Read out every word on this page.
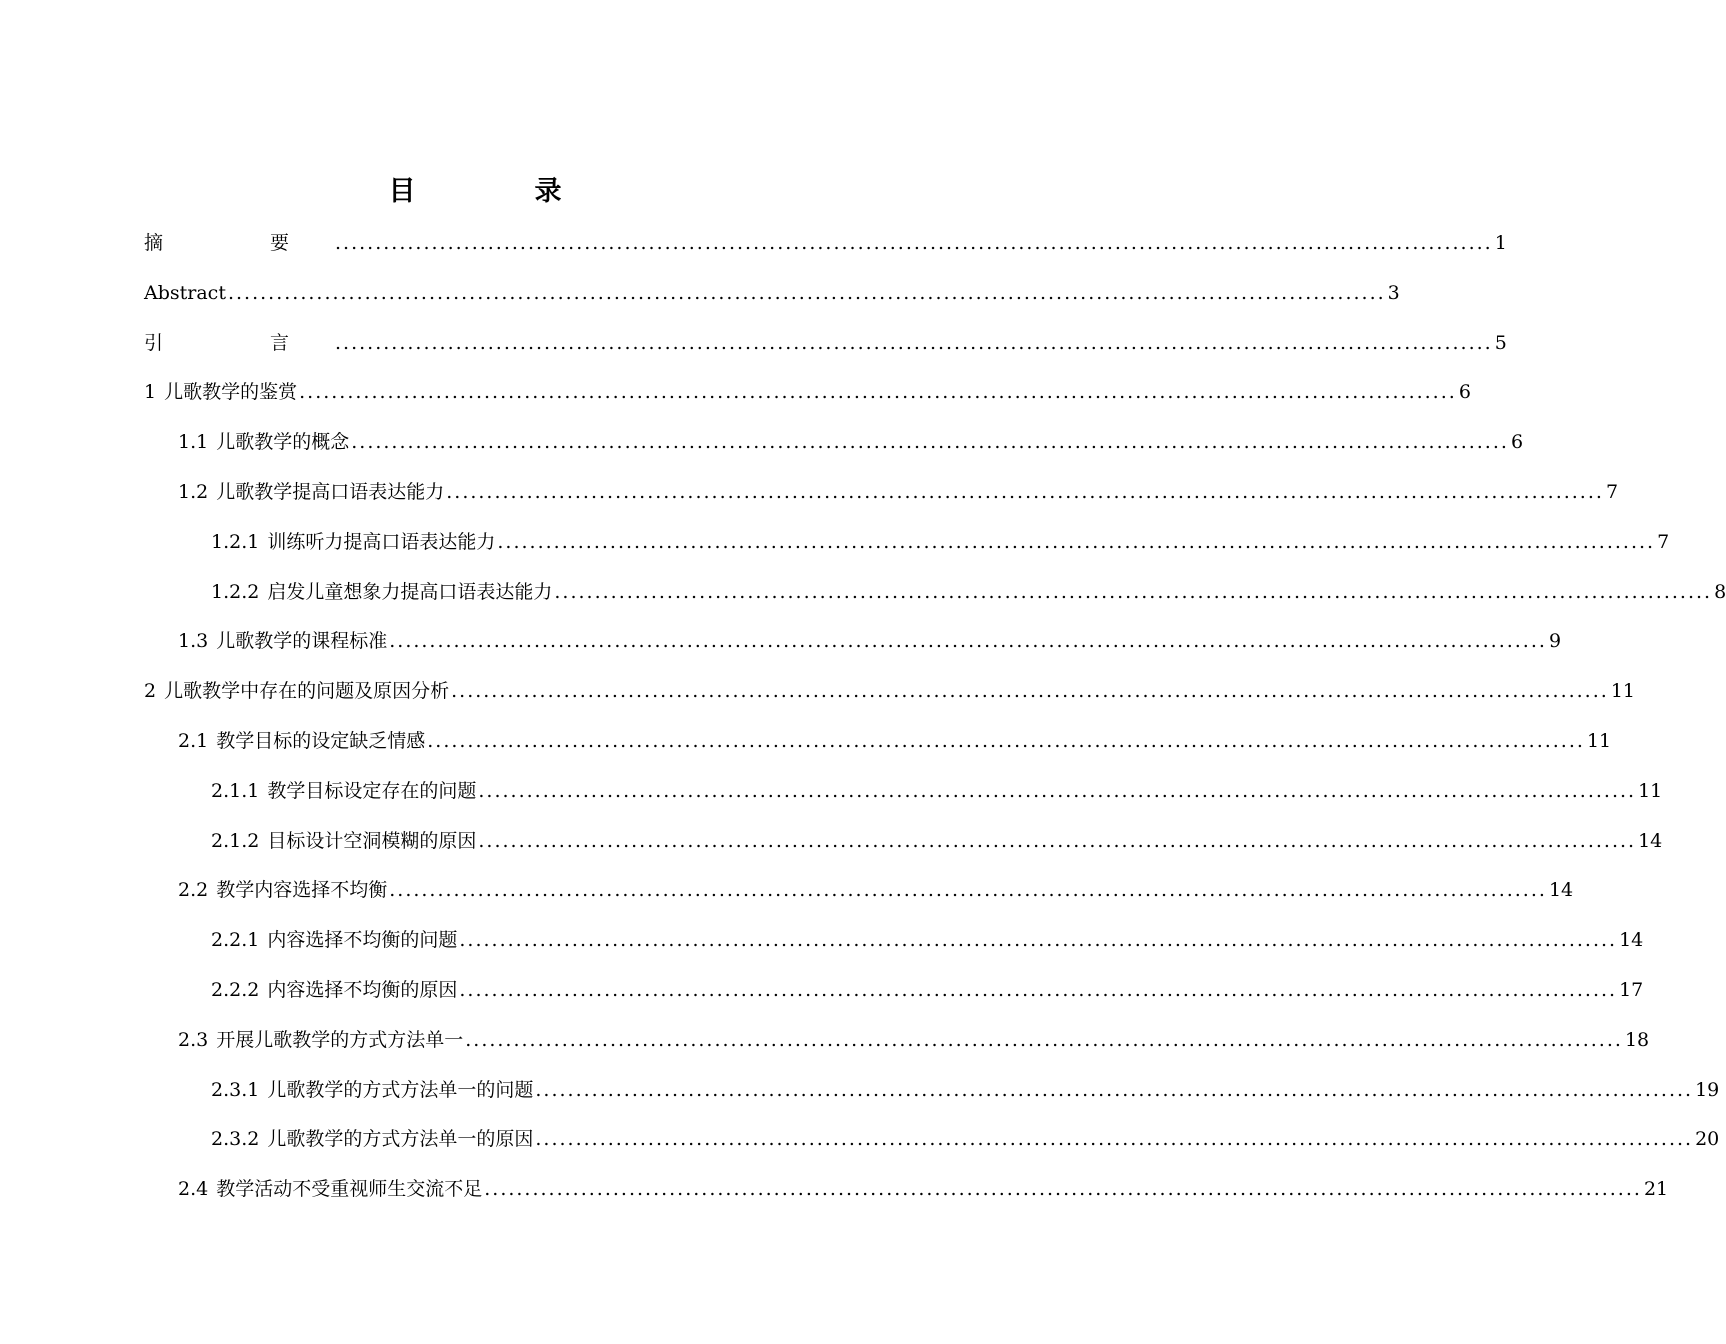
目　录
摘　要 ................................................................................................................................................ 1
Abstract ................................................................................................................................................ 3
引　言 ................................................................................................................................................ 5
1 儿歌教学的鉴赏 ................................................................................................................................................ 6
1.1 儿歌教学的概念 ................................................................................................................................................ 6
1.2 儿歌教学提高口语表达能力 ................................................................................................................................................ 7
1.2.1 训练听力提高口语表达能力 ................................................................................................................................................ 7
1.2.2 启发儿童想象力提高口语表达能力 ................................................................................................................................................ 8
1.3 儿歌教学的课程标准 ................................................................................................................................................ 9
2 儿歌教学中存在的问题及原因分析 ................................................................................................................................................ 11
2.1 教学目标的设定缺乏情感 ................................................................................................................................................ 11
2.1.1 教学目标设定存在的问题 ................................................................................................................................................ 11
2.1.2 目标设计空洞模糊的原因 ................................................................................................................................................ 14
2.2 教学内容选择不均衡 ................................................................................................................................................ 14
2.2.1 内容选择不均衡的问题 ................................................................................................................................................ 14
2.2.2 内容选择不均衡的原因 ................................................................................................................................................ 17
2.3 开展儿歌教学的方式方法单一 ................................................................................................................................................ 18
2.3.1 儿歌教学的方式方法单一的问题 ................................................................................................................................................ 19
2.3.2 儿歌教学的方式方法单一的原因 ................................................................................................................................................ 20
2.4 教学活动不受重视师生交流不足 ................................................................................................................................................ 21
